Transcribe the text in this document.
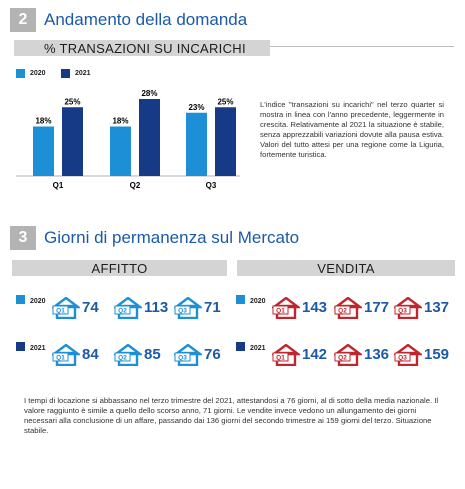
2 Andamento della domanda
% TRANSAZIONI SU INCARICHI
2020	2021
18%
25%
Q1
18%
28%
Q2
23%
25%
Q3
L'indice "transazioni su incarichi" nel terzo quarter si mostra in linea con l'anno precedente, leggermente in crescita. Relativamente al 2021 la situazione è stabile, senza apprezzabili variazioni dovute alla pausa estiva. Valori del tutto attesi per una regione come la Liguria, fortemente turistica.
3 Giorni di permanenza sul Mercato
AFFITTO	VENDITA
2020
Q1 74	Q2 113 Q3 71
2021
Q1 84	Q2 85	Q3 76
2020
Q1 143 Q2 177 Q3 137
2021
Q1 142 Q2 136 Q3 159
I tempi di locazione si abbassano nel terzo trimestre del 2021, attestandosi a 76 giorni, al di sotto della media nazionale. Il valore raggiunto è simile a quello dello scorso anno, 71 giorni. Le vendite invece vedono un allungamento dei giorni necessari alla conclusione di un affare, passando dai 136 giorni del secondo trimestre ai 159 giorni del terzo. Situazione stabile.
